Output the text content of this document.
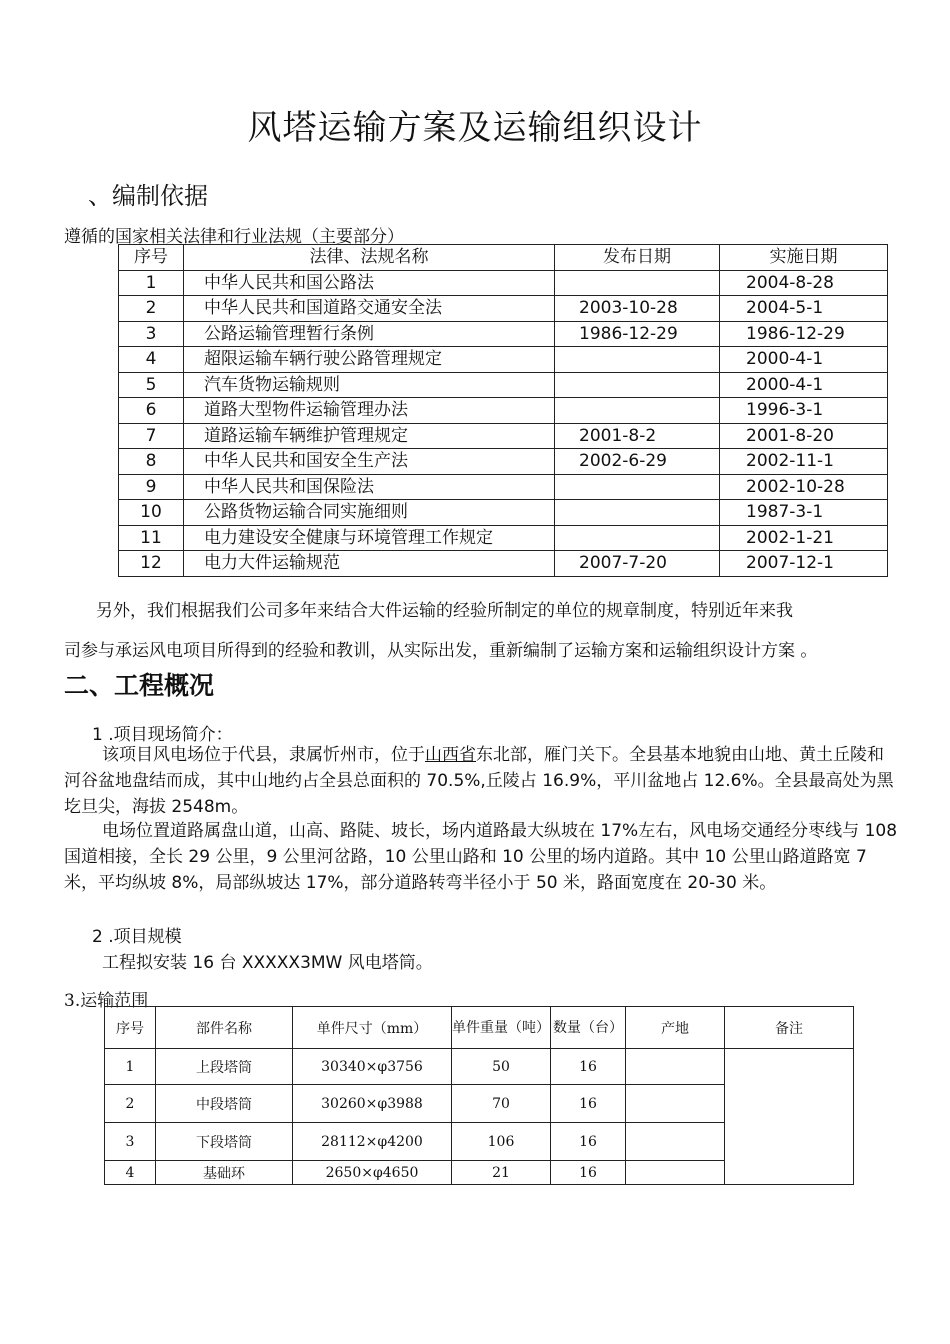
风塔运输方案及运输组织设计
、编制依据
遵循的国家相关法律和行业法规（主要部分）
序号	法律、法规名称	发布日期	实施日期
1	中华人民共和国公路法		2004-8-28
2	中华人民共和国道路交通安全法	2003-10-28	2004-5-1
3	公路运输管理暂行条例	1986-12-29	1986-12-29
4	超限运输车辆行驶公路管理规定		2000-4-1
5	汽车货物运输规则		2000-4-1
6	道路大型物件运输管理办法		1996-3-1
7	道路运输车辆维护管理规定	2001-8-2	2001-8-20
8	中华人民共和国安全生产法	2002-6-29	2002-11-1
9	中华人民共和国保险法		2002-10-28
10	公路货物运输合同实施细则		1987-3-1
11	电力建设安全健康与环境管理工作规定		2002-1-21
12	电力大件运输规范	2007-7-20	2007-12-1
另外，我们根据我们公司多年来结合大件运输的经验所制定的单位的规章制度，特别近年来我
司参与承运风电项目所得到的经验和教训，从实际出发，重新编制了运输方案和运输组织设计方案 。
二、工程概况
1 .项目现场简介：
该项目风电场位于代县，隶属忻州市，位于山西省东北部，雁门关下。全县基本地貌由山地、黄土丘陵和河谷盆地盘结而成，其中山地约占全县总面积的 70.5%,丘陵占 16.9%，平川盆地占 12.6%。全县最高处为黑圪旦尖，海拔 2548m。
电场位置道路属盘山道，山高、路陡、坡长，场内道路最大纵坡在 17%左右，风电场交通经分枣线与 108 国道相接，全长 29 公里，9 公里河岔路，10 公里山路和 10 公里的场内道路。其中 10 公里山路道路宽 7 米，平均纵坡 8%，局部纵坡达 17%，部分道路转弯半径小于 50 米，路面宽度在 20-30 米。
2 .项目规模
工程拟安装 16 台 XXXXX3MW 风电塔筒。
3.运输范围
序号	部件名称	单件尺寸（mm）	单件重量（吨）	数量（台）	产地	备注
1	上段塔筒	30340×φ3756	50	16		
2	中段塔筒	30260×φ3988	70	16		
3	下段塔筒	28112×φ4200	106	16		
4	基础环	2650×φ4650	21	16		
